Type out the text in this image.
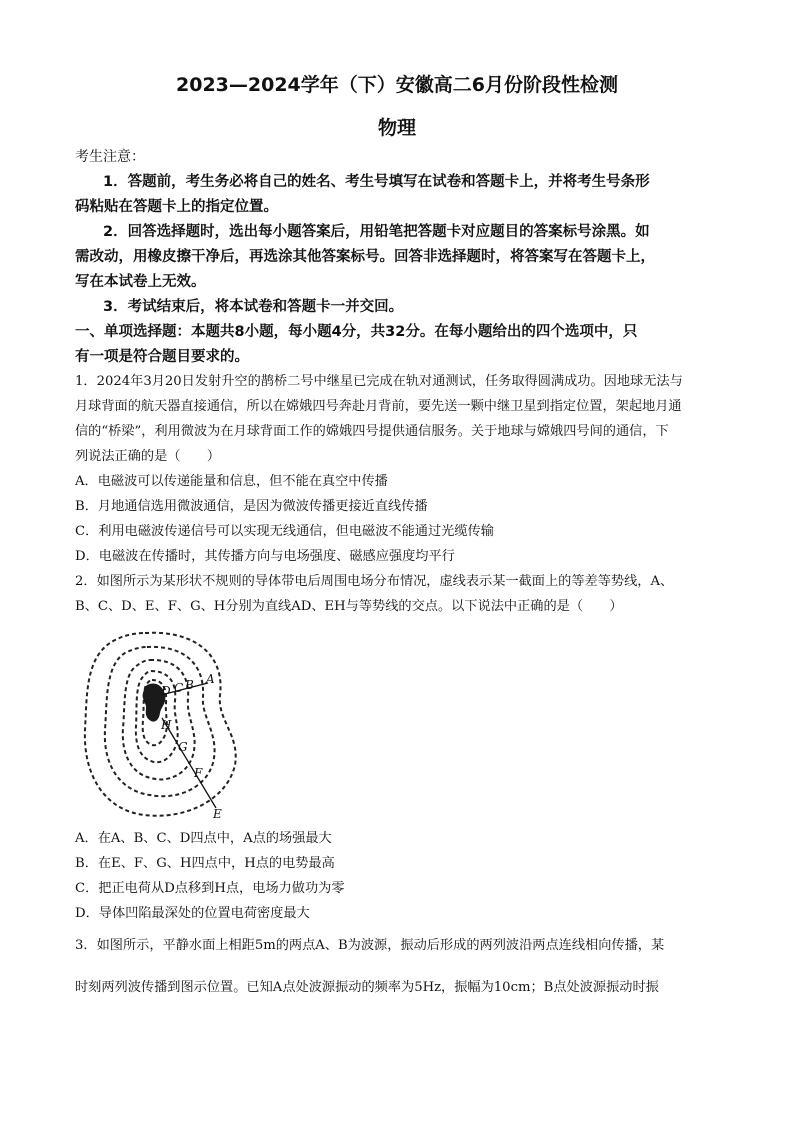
2023—2024学年（下）安徽高二6月份阶段性检测
物理
考生注意：
1．答题前，考生务必将自己的姓名、考生号填写在试卷和答题卡上，并将考生号条形
码粘贴在答题卡上的指定位置。
2．回答选择题时，选出每小题答案后，用铅笔把答题卡对应题目的答案标号涂黑。如
需改动，用橡皮擦干净后，再选涂其他答案标号。回答非选择题时，将答案写在答题卡上，
写在本试卷上无效。
3．考试结束后，将本试卷和答题卡一并交回。
一、单项选择题：本题共8小题，每小题4分，共32分。在每小题给出的四个选项中，只
有一项是符合题目要求的。
1．2024年3月20日发射升空的鹊桥二号中继星已完成在轨对通测试，任务取得圆满成功。因地球无法与
月球背面的航天器直接通信，所以在嫦娥四号奔赴月背前，要先送一颗中继卫星到指定位置，架起地月通
信的“桥梁”，利用微波为在月球背面工作的嫦娥四号提供通信服务。关于地球与嫦娥四号间的通信，下
列说法正确的是（　　）
A．电磁波可以传递能量和信息，但不能在真空中传播
B．月地通信选用微波通信，是因为微波传播更接近直线传播
C．利用电磁波传递信号可以实现无线通信，但电磁波不能通过光缆传输
D．电磁波在传播时，其传播方向与电场强度、磁感应强度均平行
2．如图所示为某形状不规则的导体带电后周围电场分布情况，虚线表示某一截面上的等差等势线，A、
B、C、D、E、F、G、H分别为直线AD、EH与等势线的交点。以下说法中正确的是（　　）
D C B A
H
G
F
E
A．在A、B、C、D四点中，A点的场强最大
B．在E、F、G、H四点中，H点的电势最高
C．把正电荷从D点移到H点，电场力做功为零
D．导体凹陷最深处的位置电荷密度最大
3．如图所示，平静水面上相距5m的两点A、B为波源，振动后形成的两列波沿两点连线相向传播，某
时刻两列波传播到图示位置。已知A点处波源振动的频率为5Hz，振幅为10cm；B点处波源振动时振
